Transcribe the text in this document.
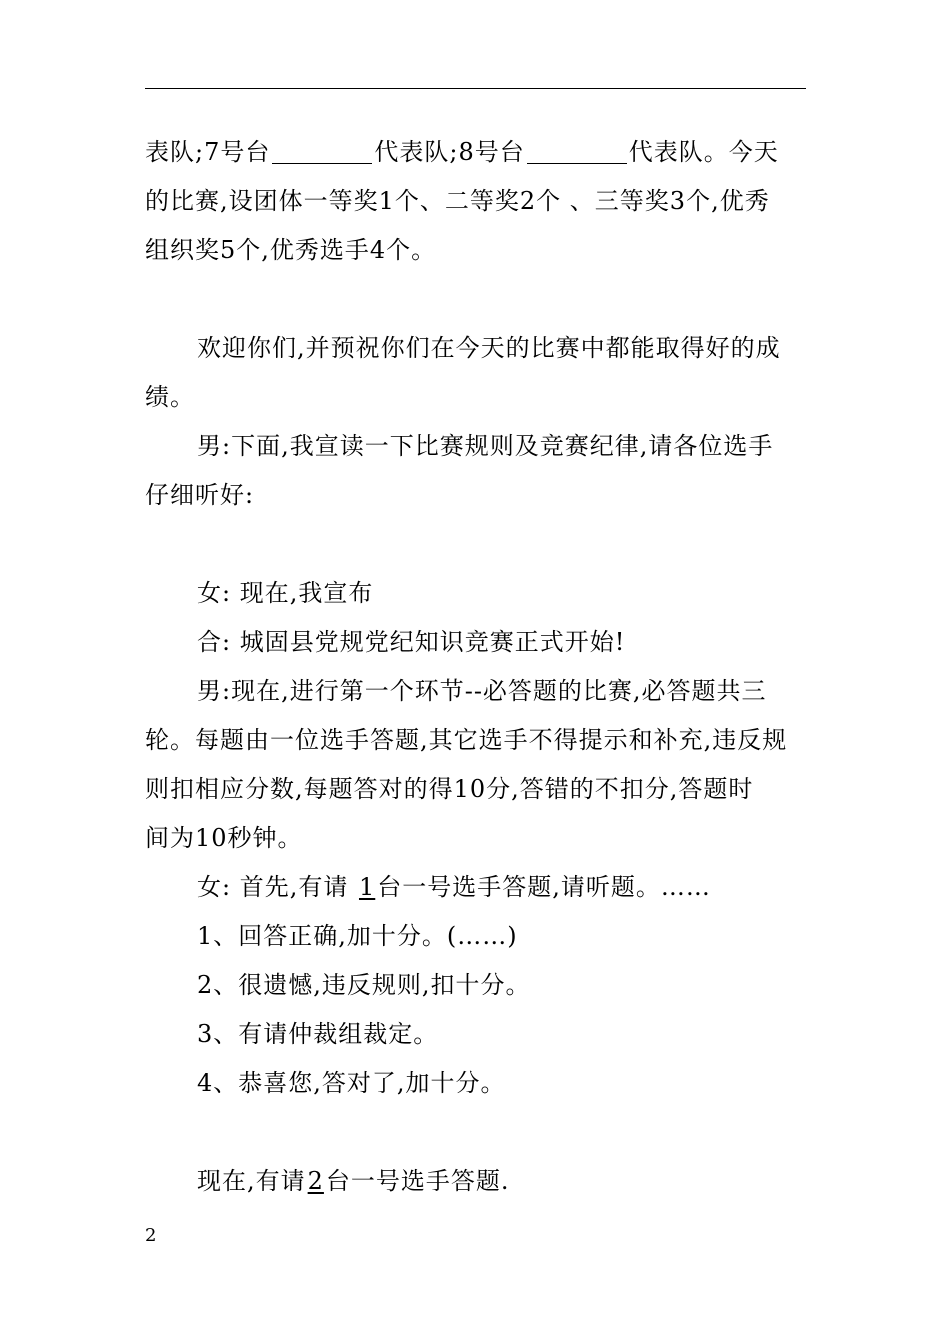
表队;7号台	代表队;8号台	代表队。今天
的比赛,设团体一等奖1个、二等奖2个 、三等奖3个,优秀
组织奖5个,优秀选手4个。
欢迎你们,并预祝你们在今天的比赛中都能取得好的成
绩。
男:下面,我宣读一下比赛规则及竞赛纪律,请各位选手
仔细听好:
女: 现在,我宣布
合: 城固县党规党纪知识竞赛正式开始!
男:现在,进行第一个环节--必答题的比赛,必答题共三
轮。每题由一位选手答题,其它选手不得提示和补充,违反规
则扣相应分数,每题答对的得10分,答错的不扣分,答题时
间为10秒钟。
女: 首先,有请 1台一号选手答题,请听题。……
1、回答正确,加十分。(……)
2、很遗憾,违反规则,扣十分。
3、有请仲裁组裁定。
4、恭喜您,答对了,加十分。
现在,有请2台一号选手答题.
2
